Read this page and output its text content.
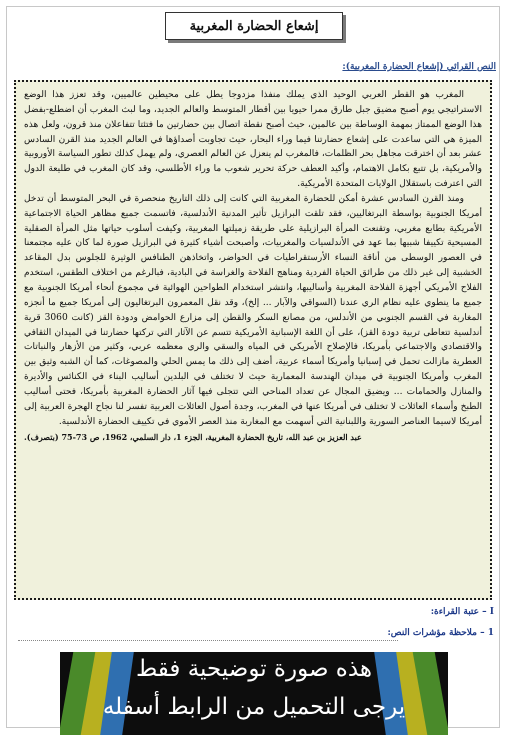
إشعاع الحضارة المغربية
النص القرائي (إشعاع الحضارة المغربية):

المغرب هو القطر العربي الوحيد الذي يملك منفذا مزدوجا يطل على محيطين عالميين، وقد تعزز هذا الوضع الاستراتيجي يوم أصبح مضيق جبل طارق ممرا حيويا بين أقطار المتوسط والعالم الجديد، وما لبث المغرب أن اضطلع-بفضل هذا الوضع الممتاز بمهمة الوساطة بين عالمين، حيث أصبح نقطة اتصال بين حضارتين ما فتئتا تتفاعلان منذ قرون، ولعل هذه الميزة هي التي ساعدت على إشعاع حضارتنا فيما وراء البحار، حيث تجاوبت أصداؤها في العالم الجديد منذ القرن السادس عشر بعد أن اخترقت مجاهل بحر الظلمات، فالمغرب لم ينعزل عن العالم العصري، ولم يهمل كذلك تطور السياسة الأوروبية والأمريكية، بل تتبع بكامل الاهتمام، وأكيد العطف حركة تحرير شعوب ما وراء الأطلسي، وقد كان المغرب في طليعة الدول التي اعترفت باستقلال الولايات المتحدة الأمريكية.

ومنذ القرن السادس عشرة أمكن للحضارة المغربية التي كانت إلى ذلك التاريخ منحصرة في البحر المتوسط أن تدخل أمريكا الجنوبية بواسطة البرتغاليين، فقد تلقت البرازيل تأثير المدنية الأندلسية، فاتسمت جميع مظاهر الحياة الاجتماعية الأمريكية بطابع مغربي، وتقنعت المرأة البرازيلية على طريقة زميلتها المغربية، وكيفت أسلوب حياتها مثل المرأة الصقلية المسيحية تكييفا شبيها بما عهد في الأندلسيات والمغربيات، وأصبحت أشياء كثيرة في البرازيل صورة لما كان عليه مجتمعنا في العصور الوسطى من أناقة النساء الأرستقراطيات في الحواضر، واتخاذهن الطنافس الوثيرة للجلوس بدل المقاعد الخشبية إلى غير ذلك من طرائق الحياة الفردية ومناهج الفلاحة والغراسة في البادية، فبالرغم من اختلاف الطقس، استخدم الفلاح الأمريكي أجهزة الفلاحة المغربية وأساليبها، وانتشر استخدام الطواحين الهوائية في مجموع أنحاء أمريكا الجنوبية مع جميع ما ينطوي عليه نظام الري عندنا (السواقي والآبار ... إلخ)، وقد نقل المعمرون البرتغاليون إلى أمريكا جميع ما أنجزه المغاربة في القسم الجنوبي من الأندلس، من مصانع السكر والقطن إلى مزارع الحوامض ودودة القز (كانت 3060 قرية أندلسية تتعاطى تربية دودة القز)، على أن اللغة الإسبانية الأمريكية تتسم عن الآثار التي تركتها حضارتنا في الميدان الثقافي والاقتصادي والاجتماعي بأمريكا، فالإصلاح الأمريكي في المياه والسقي والري معظمه عربي، وكثير من الأزهار والنباتات العطرية مازالت تحمل في إسبانيا وأمريكا أسماء عربية، أضف إلى ذلك ما يمس الحلي والمصوغات، كما أن الشبه وثيق بين المغرب وأمريكا الجنوبية في ميدان الهندسة المعمارية حيث لا تختلف في البلدين أساليب البناء في الكنائس والأديرة والمنازل والحمامات ... ويضيق المجال عن تعداد المناحي التي تتجلى فيها آثار الحضارة المغربية بأمريكا، فحتى أساليب الطبخ وأسماء العائلات لا تختلف في أمريكا عنها في المغرب، وجدة أصول العائلات العربية تفسر لنا نجاح الهجرة العربية إلى أمريكا لاسيما العناصر السورية واللبنانية التي أسهمت مع المغاربة منذ العصر الأموي في تكييف الحضارة الأندلسية.

عبد العزيز بن عبد الله، تاريخ الحضارة المغربية، الجزء 1، دار السلمي، 1962، ص 73-75 (بتصرف).
I – عتبة القراءة:
1 – ملاحظة مؤشرات النص:
هذه صورة توضيحية فقط
يرجى التحميل من الرابط أسفله
